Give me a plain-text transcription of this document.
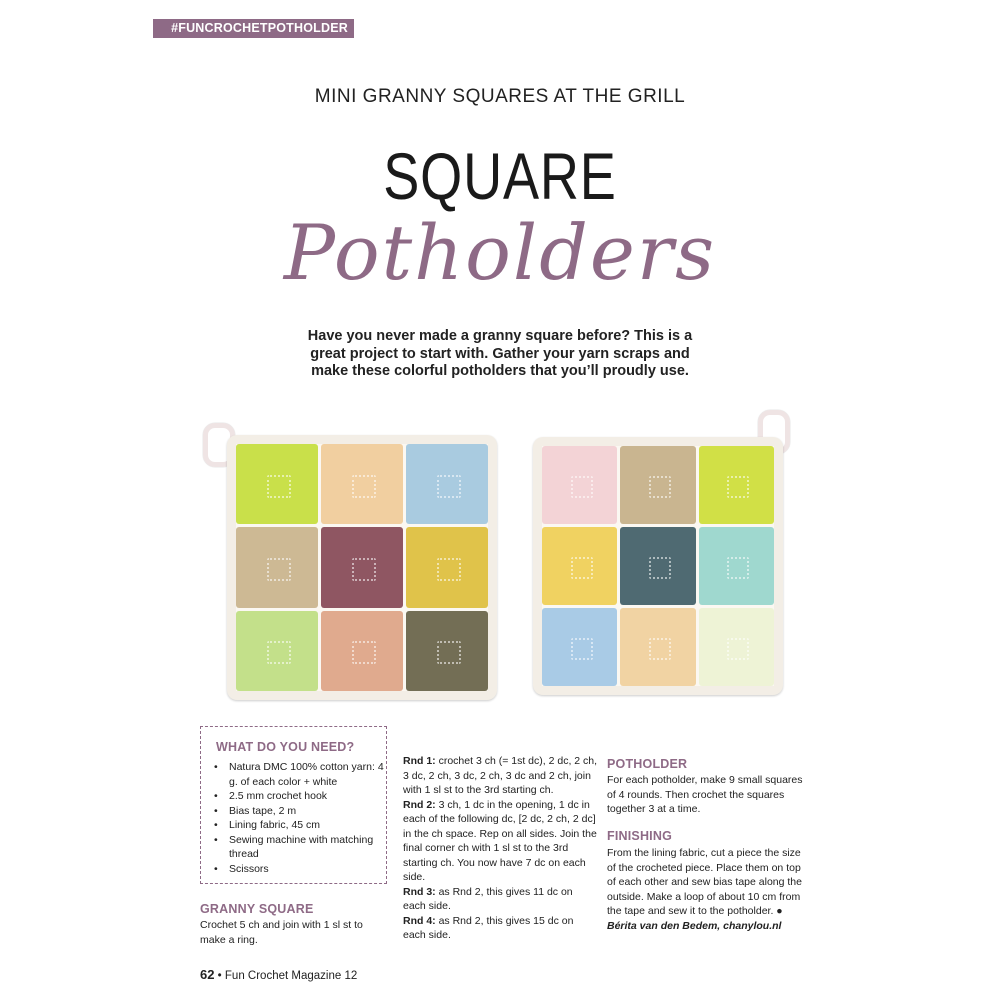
#FUNCROCHETPOTHOLDER
MINI GRANNY SQUARES AT THE GRILL
SQUARE
Potholders
Have you never made a granny square before? This is a great project to start with. Gather your yarn scraps and make these colorful potholders that you’ll proudly use.
WHAT DO YOU NEED?
• Natura DMC 100% cotton yarn: 4 g. of each color + white
• 2.5 mm crochet hook
• Bias tape, 2 m
• Lining fabric, 45 cm
• Sewing machine with matching thread
• Scissors
GRANNY SQUARE
Crochet 5 ch and join with 1 sl st to make a ring.
Rnd 1: crochet 3 ch (= 1st dc), 2 dc, 2 ch, 3 dc, 2 ch, 3 dc, 2 ch, 3 dc and 2 ch, join with 1 sl st to the 3rd starting ch.
Rnd 2: 3 ch, 1 dc in the opening, 1 dc in each of the following dc, [2 dc, 2 ch, 2 dc] in the ch space. Rep on all sides. Join the final corner ch with 1 sl st to the 3rd starting ch. You now have 7 dc on each side.
Rnd 3: as Rnd 2, this gives 11 dc on each side.
Rnd 4: as Rnd 2, this gives 15 dc on each side.
POTHOLDER
For each potholder, make 9 small squares of 4 rounds. Then crochet the squares together 3 at a time.
FINISHING
From the lining fabric, cut a piece the size of the crocheted piece. Place them on top of each other and sew bias tape along the outside. Make a loop of about 10 cm from the tape and sew it to the potholder. ●
Bérita van den Bedem, chanylou.nl
62 • Fun Crochet Magazine 12
